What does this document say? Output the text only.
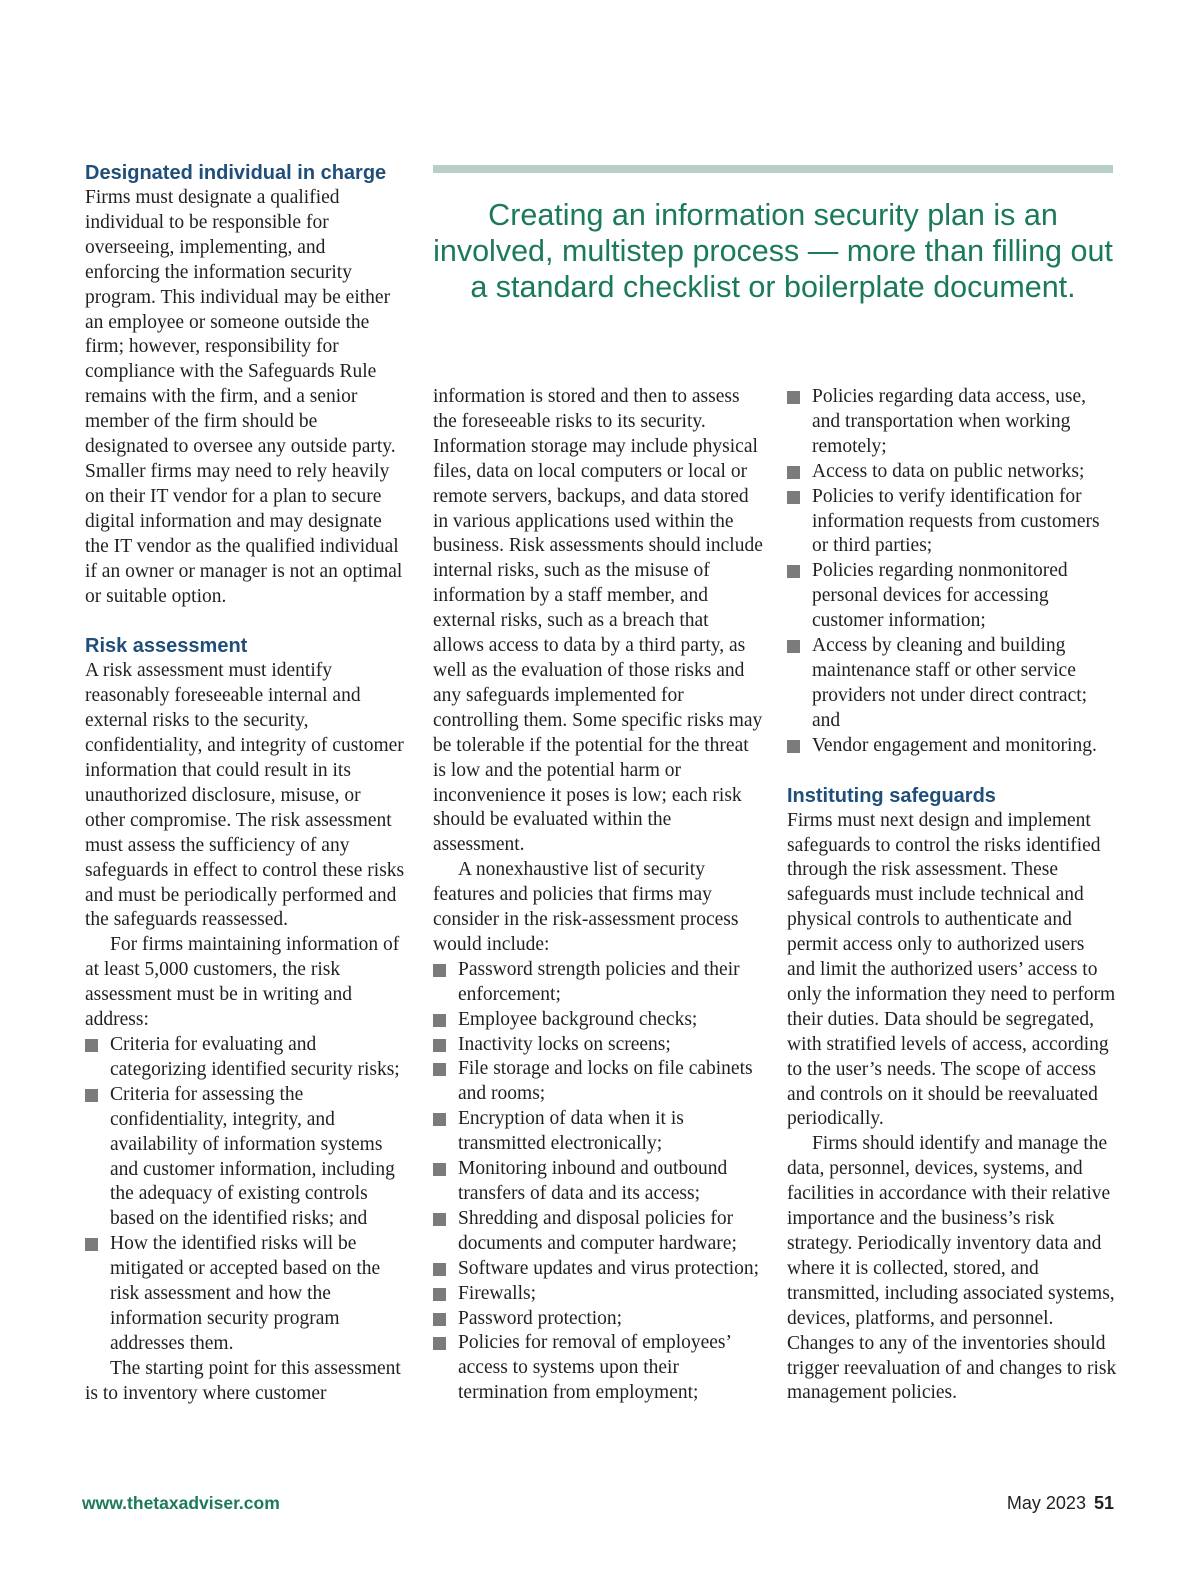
Designated individual in charge

Firms must designate a qualified individual to be responsible for overseeing, implementing, and enforcing the information security program. This individual may be either an employee or someone outside the firm; however, responsibility for compliance with the Safeguards Rule remains with the firm, and a senior member of the firm should be designated to oversee any outside party. Smaller firms may need to rely heavily on their IT vendor for a plan to secure digital information and may designate the IT vendor as the qualified individual if an owner or manager is not an optimal or suitable option.

Risk assessment

A risk assessment must identify reasonably foreseeable internal and external risks to the security, confidentiality, and integrity of customer information that could result in its unauthorized disclosure, misuse, or other compromise. The risk assessment must assess the sufficiency of any safeguards in effect to control these risks and must be periodically performed and the safeguards reassessed.

For firms maintaining information of at least 5,000 customers, the risk assessment must be in writing and address:

Criteria for evaluating and categorizing identified security risks;
Criteria for assessing the confidentiality, integrity, and availability of information systems and customer information, including the adequacy of existing controls based on the identified risks; and
How the identified risks will be mitigated or accepted based on the risk assessment and how the information security program addresses them.

The starting point for this assessment is to inventory where customer

Creating an information security plan is an involved, multistep process — more than filling out a standard checklist or boilerplate document.

information is stored and then to assess the foreseeable risks to its security. Information storage may include physical files, data on local computers or local or remote servers, backups, and data stored in various applications used within the business. Risk assessments should include internal risks, such as the misuse of information by a staff member, and external risks, such as a breach that allows access to data by a third party, as well as the evaluation of those risks and any safeguards implemented for controlling them. Some specific risks may be tolerable if the potential for the threat is low and the potential harm or inconvenience it poses is low; each risk should be evaluated within the assessment.

A nonexhaustive list of security features and policies that firms may consider in the risk-assessment process would include:

Password strength policies and their enforcement;
Employee background checks;
Inactivity locks on screens;
File storage and locks on file cabinets and rooms;
Encryption of data when it is transmitted electronically;
Monitoring inbound and outbound transfers of data and its access;
Shredding and disposal policies for documents and computer hardware;
Software updates and virus protection;
Firewalls;
Password protection;
Policies for removal of employees’ access to systems upon their termination from employment;
Policies regarding data access, use, and transportation when working remotely;
Access to data on public networks;
Policies to verify identification for information requests from customers or third parties;
Policies regarding nonmonitored personal devices for accessing customer information;
Access by cleaning and building maintenance staff or other service providers not under direct contract; and
Vendor engagement and monitoring.
Instituting safeguards

Firms must next design and implement safeguards to control the risks identified through the risk assessment. These safeguards must include technical and physical controls to authenticate and permit access only to authorized users and limit the authorized users’ access to only the information they need to perform their duties. Data should be segregated, with stratified levels of access, according to the user’s needs. The scope of access and controls on it should be reevaluated periodically.

Firms should identify and manage the data, personnel, devices, systems, and facilities in accordance with their relative importance and the business’s risk strategy. Periodically inventory data and where it is collected, stored, and transmitted, including associated systems, devices, platforms, and personnel. Changes to any of the inventories should trigger reevaluation of and changes to risk management policies.

www.thetaxadviser.com	May 2023 51
